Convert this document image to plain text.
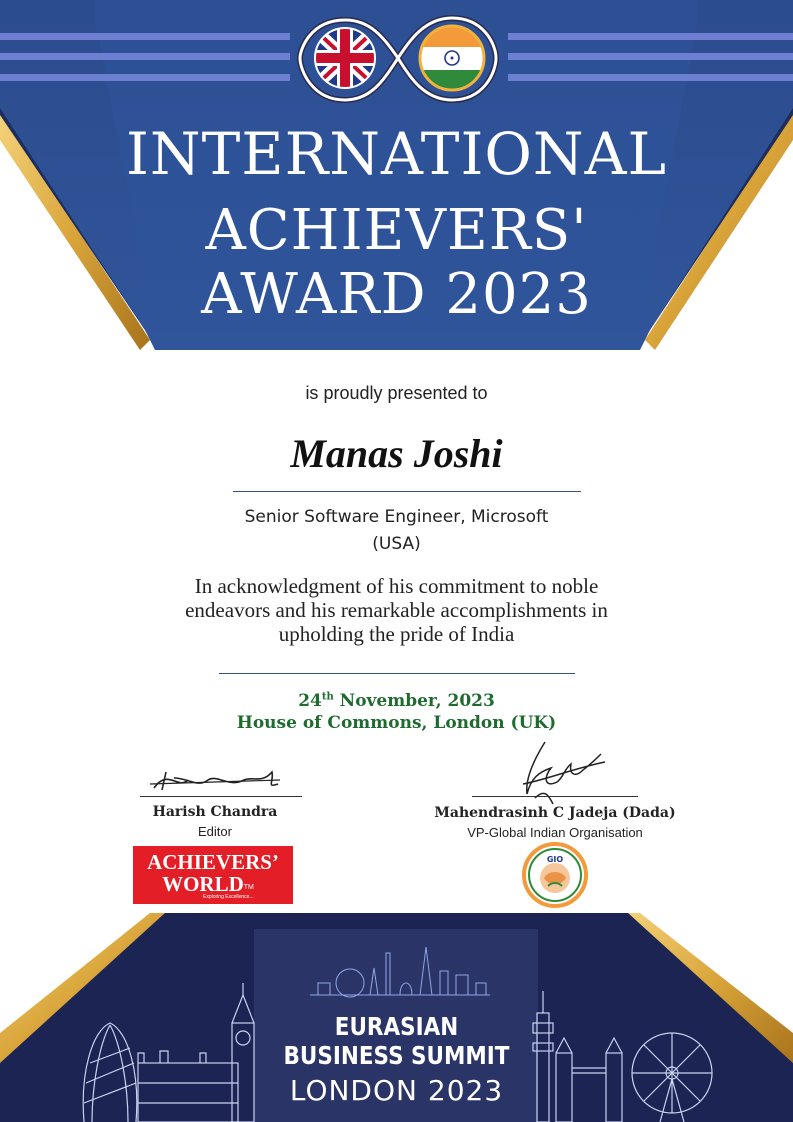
INTERNATIONAL
ACHIEVERS'
AWARD 2023
is proudly presented to
Manas Joshi
Senior Software Engineer, Microsoft
(USA)
In acknowledgment of his commitment to noble
endeavors and his remarkable accomplishments in
upholding the pride of India
24th November, 2023
House of Commons, London (UK)
Harish Chandra
Editor
Mahendrasinh C Jadeja (Dada)
VP-Global Indian Organisation
ACHIEVERS’
WORLDTM
Exploring Excellence...
GIO
EURASIAN
BUSINESS SUMMIT
LONDON 2023
